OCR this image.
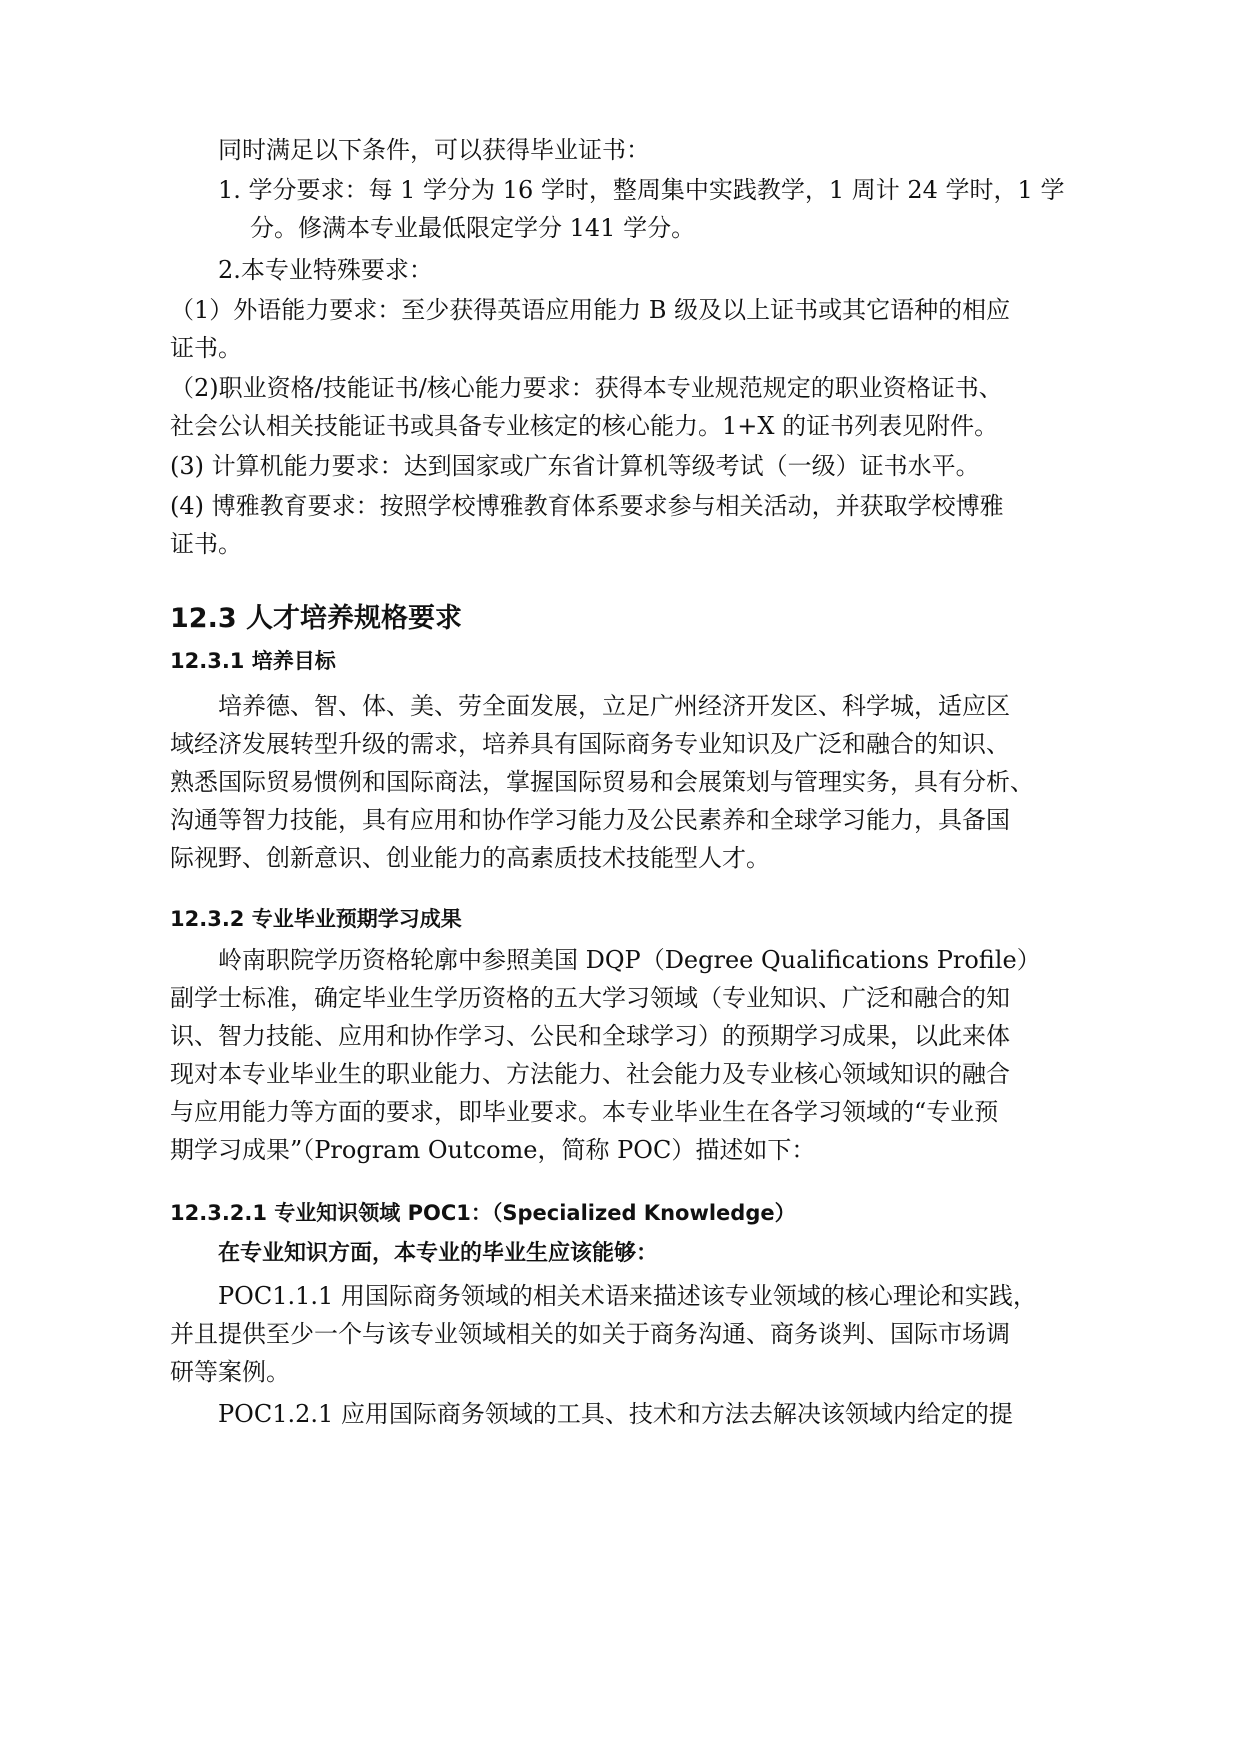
同时满足以下条件，可以获得毕业证书：
1. 学分要求：每 1 学分为 16 学时，整周集中实践教学，1 周计 24 学时，1 学
分。修满本专业最低限定学分 141 学分。
2.本专业特殊要求：
（1）外语能力要求：至少获得英语应用能力 B 级及以上证书或其它语种的相应
证书。
（2)职业资格/技能证书/核心能力要求：获得本专业规范规定的职业资格证书、
社会公认相关技能证书或具备专业核定的核心能力。1+X 的证书列表见附件。
(3) 计算机能力要求：达到国家或广东省计算机等级考试（一级）证书水平。
(4) 博雅教育要求：按照学校博雅教育体系要求参与相关活动，并获取学校博雅
证书。
12.3 人才培养规格要求
12.3.1 培养目标
培养德、智、体、美、劳全面发展，立足广州经济开发区、科学城，适应区
域经济发展转型升级的需求，培养具有国际商务专业知识及广泛和融合的知识、
熟悉国际贸易惯例和国际商法，掌握国际贸易和会展策划与管理实务，具有分析、
沟通等智力技能，具有应用和协作学习能力及公民素养和全球学习能力，具备国
际视野、创新意识、创业能力的高素质技术技能型人才。
12.3.2 专业毕业预期学习成果
岭南职院学历资格轮廓中参照美国 DQP（Degree Qualifications Profile）
副学士标准，确定毕业生学历资格的五大学习领域（专业知识、广泛和融合的知
识、智力技能、应用和协作学习、公民和全球学习）的预期学习成果，以此来体
现对本专业毕业生的职业能力、方法能力、社会能力及专业核心领域知识的融合
与应用能力等方面的要求，即毕业要求。本专业毕业生在各学习领域的“专业预
期学习成果”（Program Outcome，简称 POC）描述如下：
12.3.2.1 专业知识领域 POC1：（Specialized Knowledge）
在专业知识方面，本专业的毕业生应该能够：
POC1.1.1 用国际商务领域的相关术语来描述该专业领域的核心理论和实践，
并且提供至少一个与该专业领域相关的如关于商务沟通、商务谈判、国际市场调
研等案例。
POC1.2.1 应用国际商务领域的工具、技术和方法去解决该领域内给定的提
